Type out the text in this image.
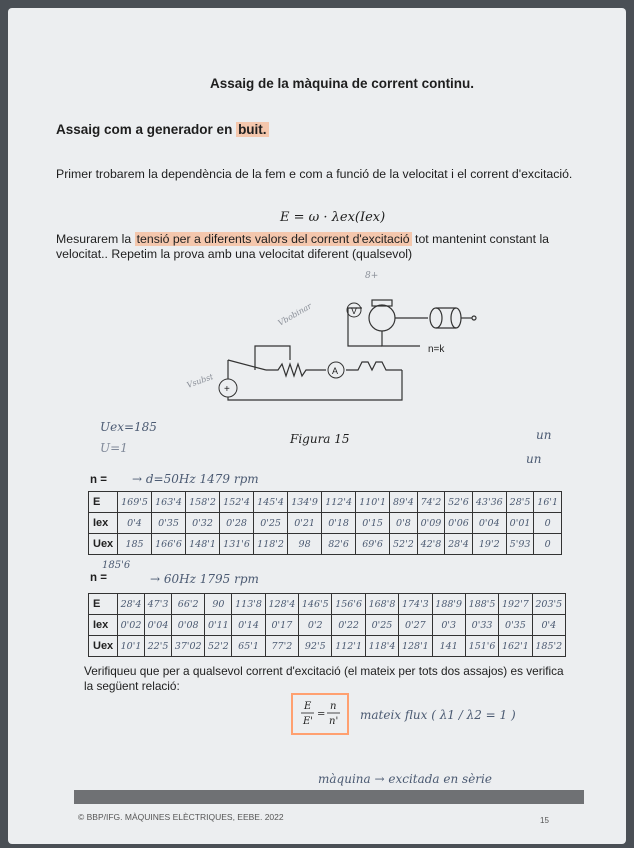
Assaig de la màquina de corrent continu.
Assaig com a generador en buit.
Primer trobarem la dependència de la fem e com a funció de la velocitat i el corrent d'excitació.
E = ω · λex(Iex)
Mesurarem la tensió per a diferents valors del corrent d'excitació tot mantenint constant la velocitat.. Repetim la prova amb una velocitat diferent (qualsevol)
V
A
+
n=k
8+
Vbobinar
Vsubst
Uex=185
U=1
Figura 15	un
un
n = → d=50Hz 1479 rpm
E	169'5	163'4	158'2	152'4	145'4	134'9	112'4	110'1	89'4	74'2	52'6	43'36	28'5	16'1
Iex	0'4	0'35	0'32	0'28	0'25	0'21	0'18	0'15	0'8	0'09	0'06	0'04	0'01	0
Uex	185	166'6	148'1	131'6	118'2	98	82'6	69'6	52'2	42'8	28'4	19'2	5'93	0
185'6
n =	→ 60Hz 1795 rpm
E	28'4	47'3	66'2	90	113'8	128'4	146'5	156'6	168'8	174'3	188'9	188'5	192'7	203'5
Iex	0'02	0'04	0'08	0'11	0'14	0'17	0'2	0'22	0'25	0'27	0'3	0'33	0'35	0'4
Uex	10'1	22'5	37'02	52'2	65'1	77'2	92'5	112'1	118'4	128'1	141	151'6	162'1	185'2
Verifiqueu que per a qualsevol corrent d'excitació (el mateix per tots dos assajos) es verifica la següent relació:
E
E'
=
n
n' mateix flux ( λ1 / λ2 = 1 )
màquina → excitada en sèrie
© BBP/IFG. MÀQUINES ELÈCTRIQUES, EEBE. 2022	15
